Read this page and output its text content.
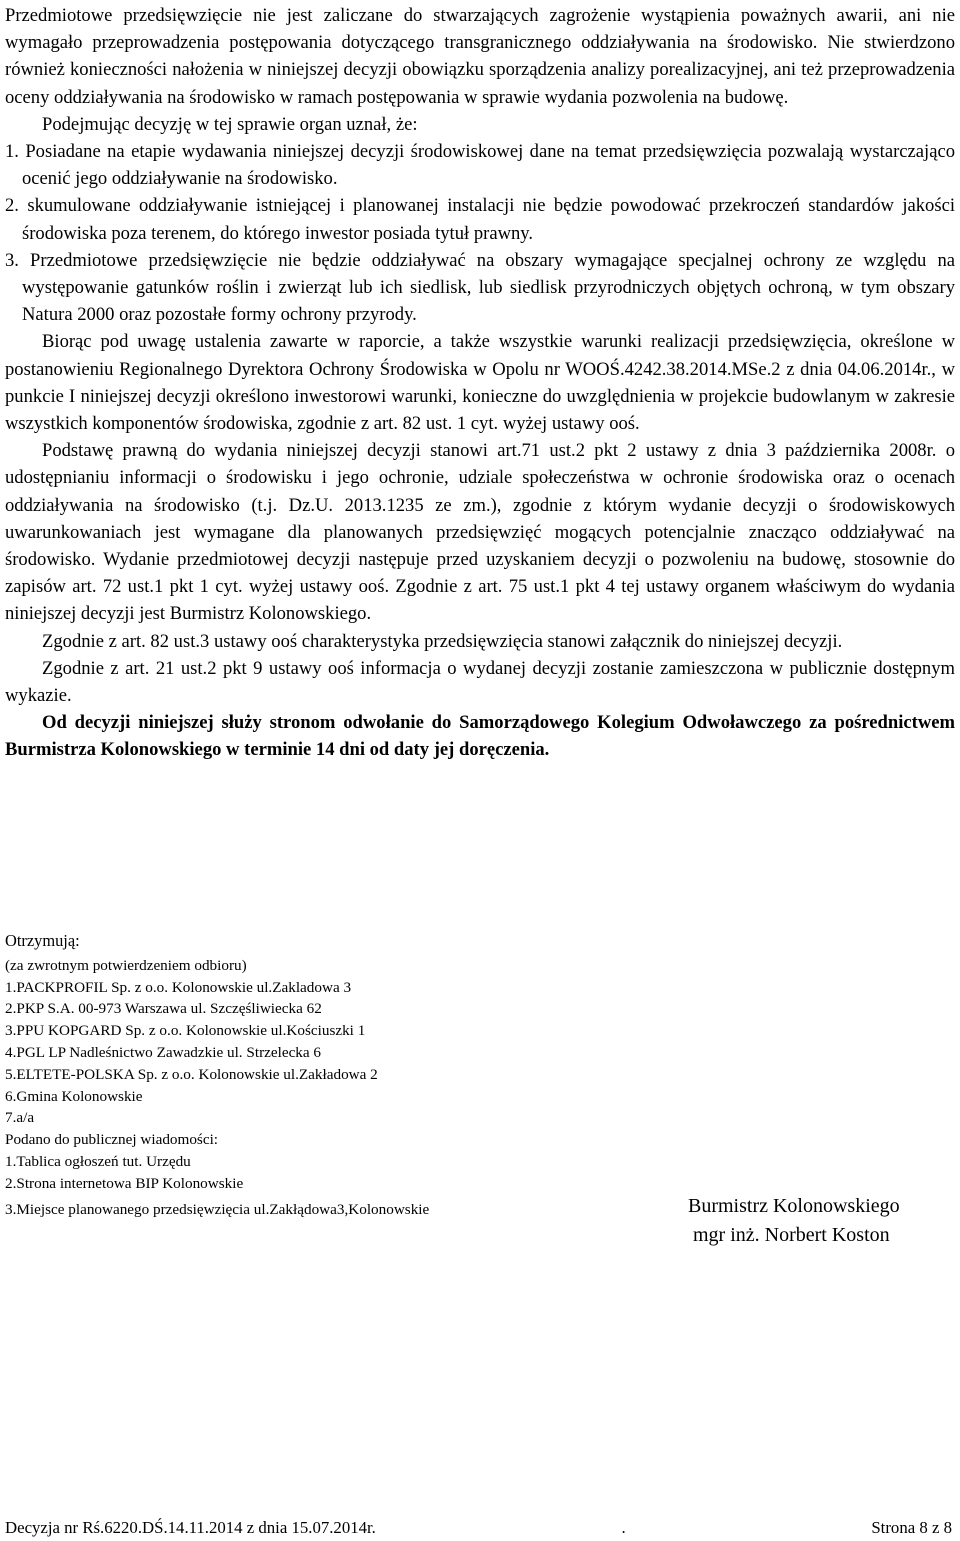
Przedmiotowe przedsięwzięcie nie jest zaliczane do stwarzających zagrożenie wystąpienia poważnych awarii, ani nie wymagało przeprowadzenia postępowania dotyczącego transgranicznego oddziaływania na środowisko. Nie stwierdzono również konieczności nałożenia w niniejszej decyzji obowiązku sporządzenia analizy porealizacyjnej, ani też przeprowadzenia oceny oddziaływania na środowisko w ramach postępowania w sprawie wydania pozwolenia na budowę.

Podejmując decyzję w tej sprawie organ uznał, że:

1. Posiadane na etapie wydawania niniejszej decyzji środowiskowej dane na temat przedsięwzięcia pozwalają wystarczająco ocenić jego oddziaływanie na środowisko.

2. skumulowane oddziaływanie istniejącej i planowanej instalacji nie będzie powodować przekroczeń standardów jakości środowiska poza terenem, do którego inwestor posiada tytuł prawny.

3. Przedmiotowe przedsięwzięcie nie będzie oddziaływać na obszary wymagające specjalnej ochrony ze względu na występowanie gatunków roślin i zwierząt lub ich siedlisk, lub siedlisk przyrodniczych objętych ochroną, w tym obszary Natura 2000 oraz pozostałe formy ochrony przyrody.

Biorąc pod uwagę ustalenia zawarte w raporcie, a także wszystkie warunki realizacji przedsięwzięcia, określone w postanowieniu Regionalnego Dyrektora Ochrony Środowiska w Opolu nr WOOŚ.4242.38.2014.MSe.2 z dnia 04.06.2014r., w punkcie I niniejszej decyzji określono inwestorowi warunki, konieczne do uwzględnienia w projekcie budowlanym w zakresie wszystkich komponentów środowiska, zgodnie z art. 82 ust. 1 cyt. wyżej ustawy ooś.

Podstawę prawną do wydania niniejszej decyzji stanowi art.71 ust.2 pkt 2 ustawy z dnia 3 października 2008r. o udostępnianiu informacji o środowisku i jego ochronie, udziale społeczeństwa w ochronie środowiska oraz o ocenach oddziaływania na środowisko (t.j. Dz.U. 2013.1235 ze zm.), zgodnie z którym wydanie decyzji o środowiskowych uwarunkowaniach jest wymagane dla planowanych przedsięwzięć mogących potencjalnie znacząco oddziaływać na środowisko. Wydanie przedmiotowej decyzji następuje przed uzyskaniem decyzji o pozwoleniu na budowę, stosownie do zapisów art. 72 ust.1 pkt 1 cyt. wyżej ustawy ooś. Zgodnie z art. 75 ust.1 pkt 4 tej ustawy organem właściwym do wydania niniejszej decyzji jest Burmistrz Kolonowskiego.

Zgodnie z art. 82 ust.3 ustawy ooś charakterystyka przedsięwzięcia stanowi załącznik do niniejszej decyzji.

Zgodnie z art. 21 ust.2 pkt 9 ustawy ooś informacja o wydanej decyzji zostanie zamieszczona w publicznie dostępnym wykazie.

Od decyzji niniejszej służy stronom odwołanie do Samorządowego Kolegium Odwoławczego za pośrednictwem Burmistrza Kolonowskiego w terminie 14 dni od daty jej doręczenia.

Otrzymują:
(za zwrotnym potwierdzeniem odbioru)
1.PACKPROFIL Sp. z o.o. Kolonowskie ul.Zakladowa 3
2.PKP S.A. 00-973 Warszawa ul. Szczęśliwiecka 62
3.PPU KOPGARD Sp. z o.o. Kolonowskie ul.Kościuszki 1
4.PGL LP Nadleśnictwo Zawadzkie ul. Strzelecka 6
5.ELTETE-POLSKA Sp. z o.o. Kolonowskie ul.Zakładowa 2
6.Gmina Kolonowskie
7.a/a
Podano do publicznej wiadomości:
1.Tablica ogłoszeń tut. Urzędu
2.Strona internetowa BIP Kolonowskie
3.Miejsce planowanego przedsięwzięcia ul.Zakłądowa3,Kolonowskie	Burmistrz Kolonowskiego
mgr inż. Norbert Koston
Decyzja nr Rś.6220.DŚ.14.11.2014 z dnia 15.07.2014r.	.	Strona 8 z 8
